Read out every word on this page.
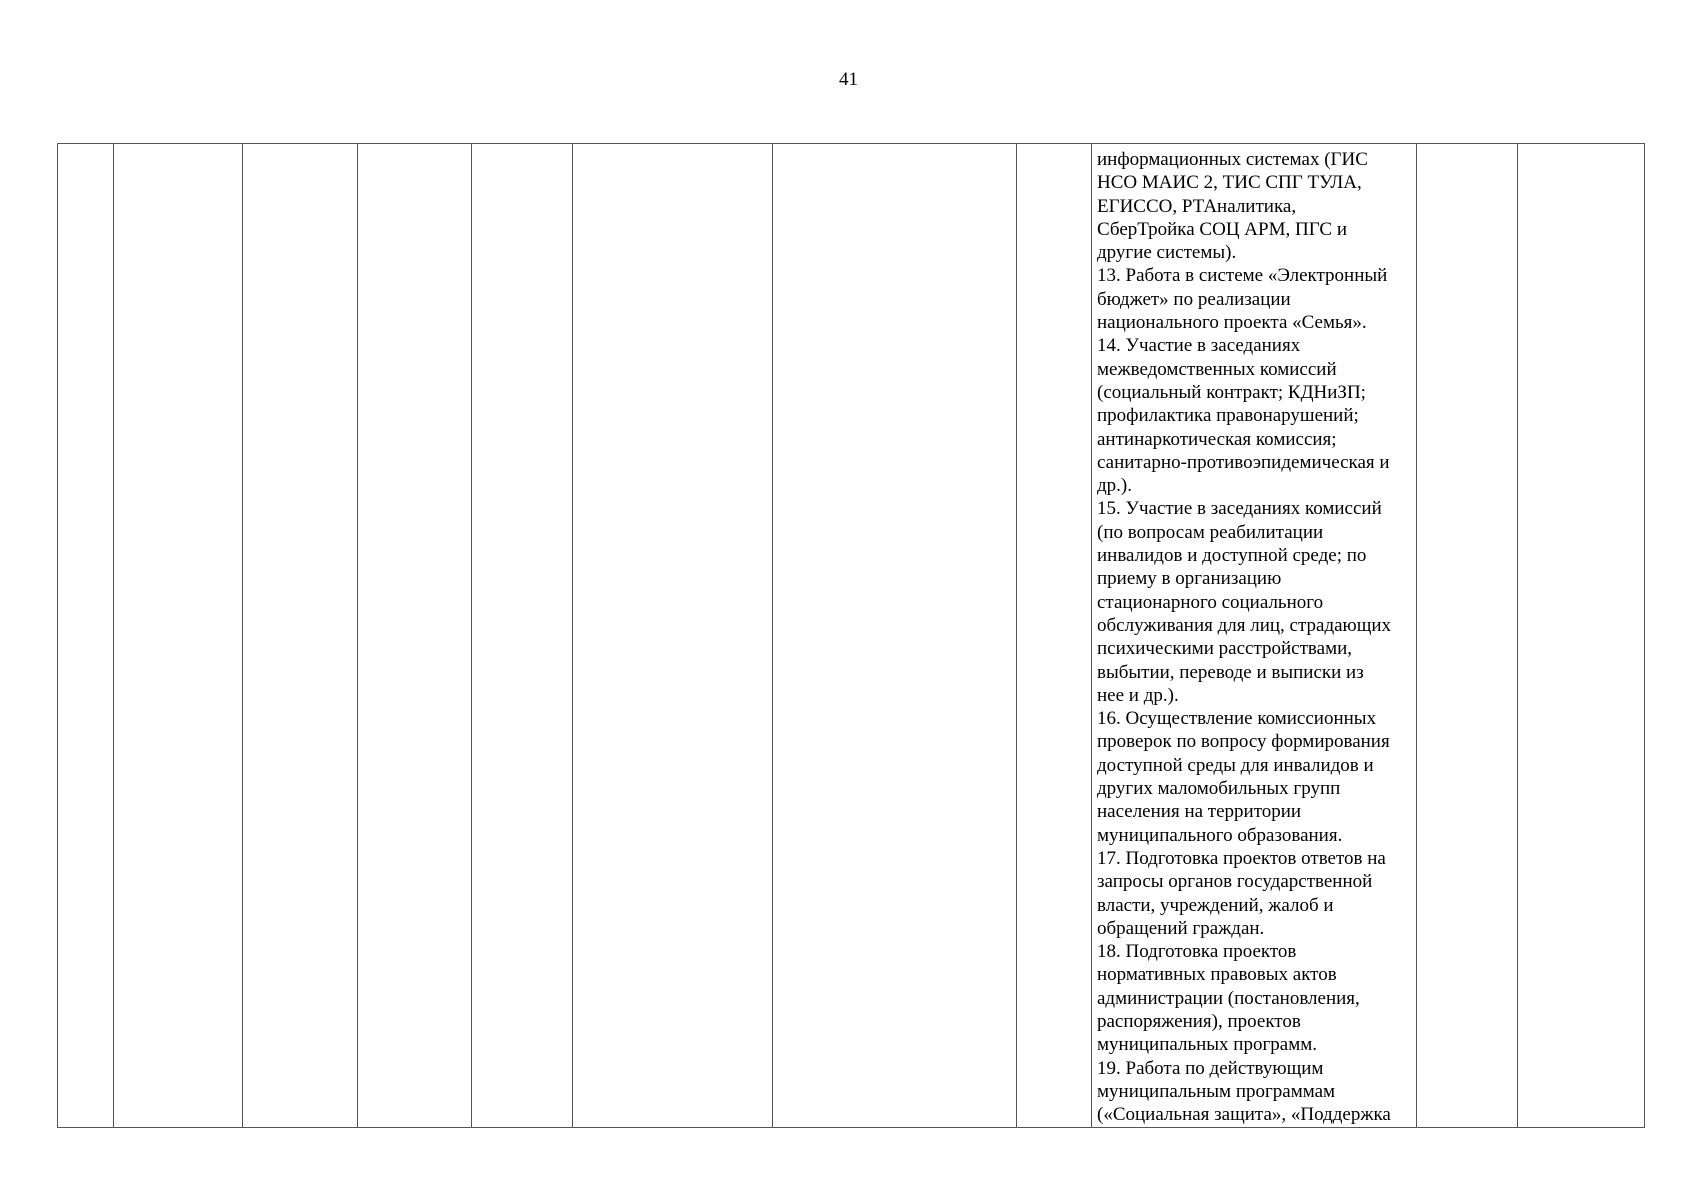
41
								информационных системах (ГИС
НСО МАИС 2, ТИС СПГ ТУЛА,
ЕГИССО, РТАналитика,
СберТройка СОЦ АРМ, ПГС и
другие системы).
13. Работа в системе «Электронный
бюджет» по реализации
национального проекта «Семья».
14. Участие в заседаниях
межведомственных комиссий
(социальный контракт; КДНиЗП;
профилактика правонарушений;
антинаркотическая комиссия;
санитарно-противоэпидемическая и
др.).
15. Участие в заседаниях комиссий
(по вопросам реабилитации
инвалидов и доступной среде; по
приему в организацию
стационарного социального
обслуживания для лиц, страдающих
психическими расстройствами,
выбытии, переводе и выписки из
нее и др.).
16. Осуществление комиссионных
проверок по вопросу формирования
доступной среды для инвалидов и
других маломобильных групп
населения на территории
муниципального образования.
17. Подготовка проектов ответов на
запросы органов государственной
власти, учреждений, жалоб и
обращений граждан.
18. Подготовка проектов
нормативных правовых актов
администрации (постановления,
распоряжения), проектов
муниципальных программ.
19. Работа по действующим
муниципальным программам
(«Социальная защита», «Поддержка		
